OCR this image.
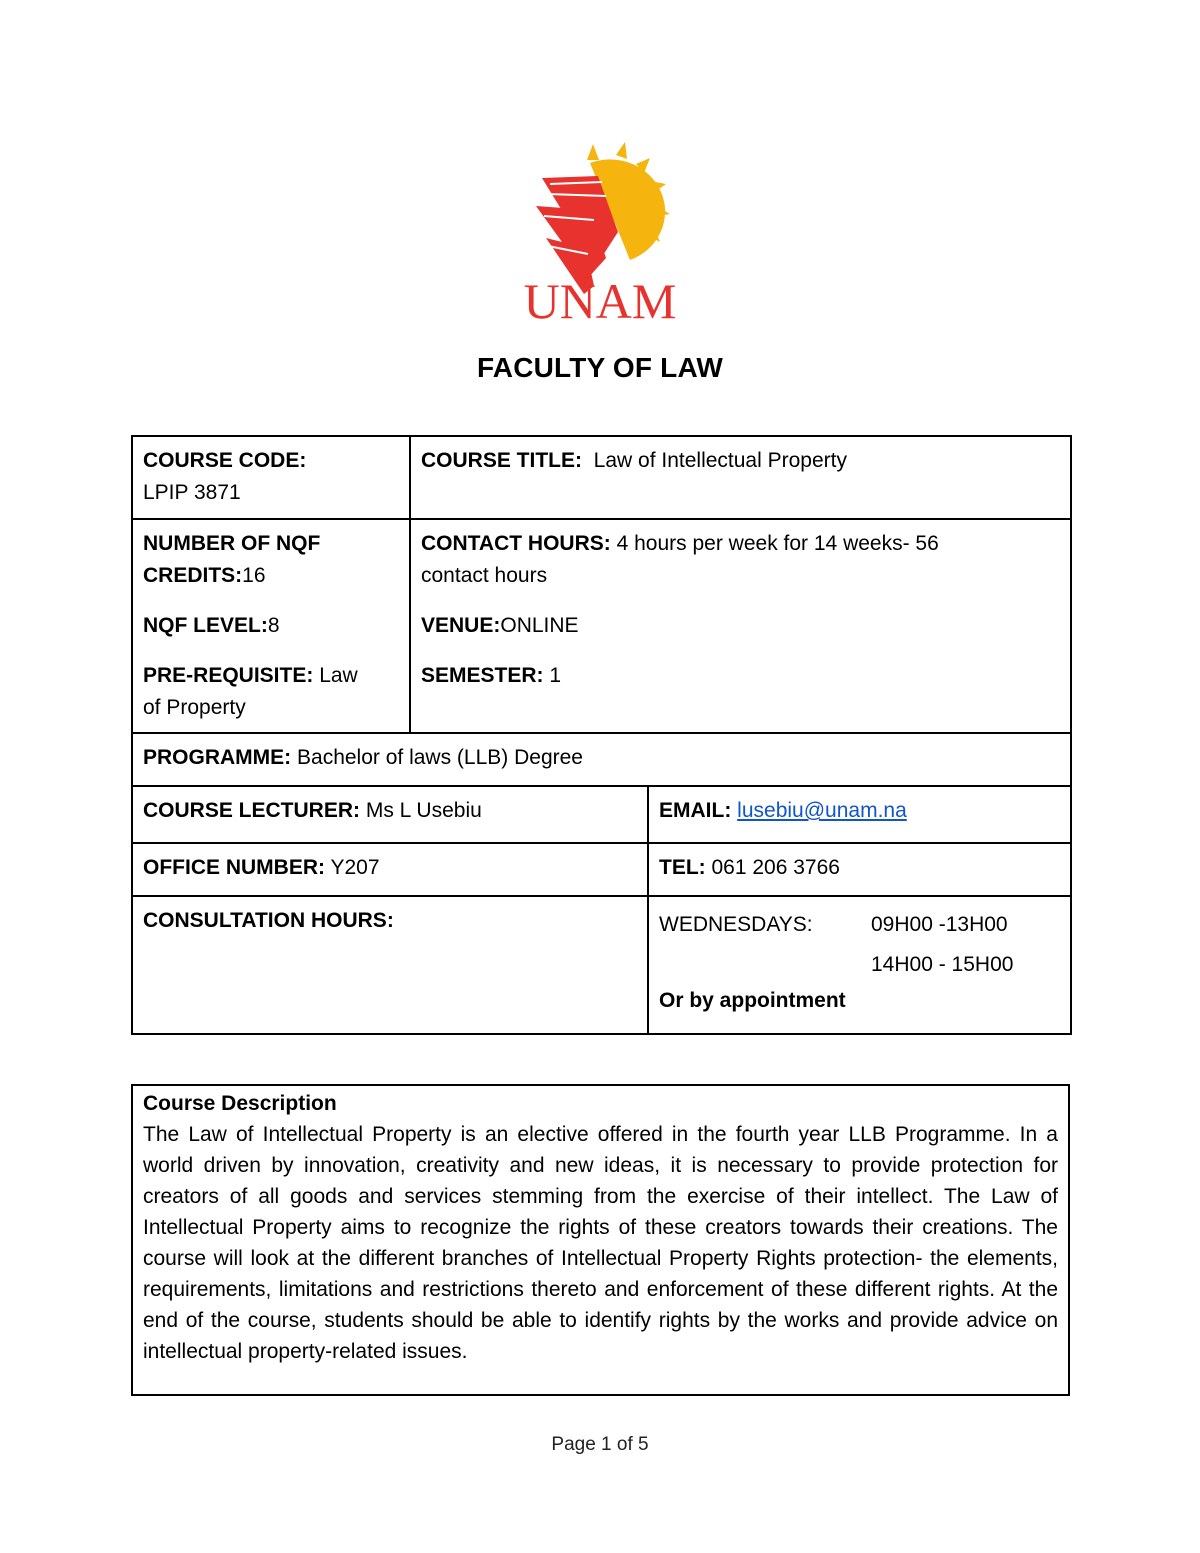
UNAM
FACULTY OF LAW
COURSE CODE:
LPIP 3871	COURSE TITLE: Law of Intellectual Property	

NUMBER OF NQF
CREDITS:16
NQF LEVEL:8
PRE-REQUISITE: Law
of Property	CONTACT HOURS: 4 hours per week for 14 weeks- 56
contact hours
VENUE:ONLINE
SEMESTER: 1	

PROGRAMME: Bachelor of laws (LLB) Degree		
COURSE LECTURER: Ms L Usebiu		EMAIL: lusebiu@unam.na
OFFICE NUMBER: Y207		TEL: 061 206 3766
CONSULTATION HOURS:		WEDNESDAYS: 09H00 -13H00
14H00 - 15H00
Or by appointment
Course Description
The Law of Intellectual Property is an elective offered in the fourth year LLB Programme. In a world driven by innovation, creativity and new ideas, it is necessary to provide protection for creators of all goods and services stemming from the exercise of their intellect. The Law of Intellectual Property aims to recognize the rights of these creators towards their creations. The course will look at the different branches of Intellectual Property Rights protection- the elements, requirements, limitations and restrictions thereto and enforcement of these different rights. At the end of the course, students should be able to identify rights by the works and provide advice on intellectual property-related issues.
Page 1 of 5
